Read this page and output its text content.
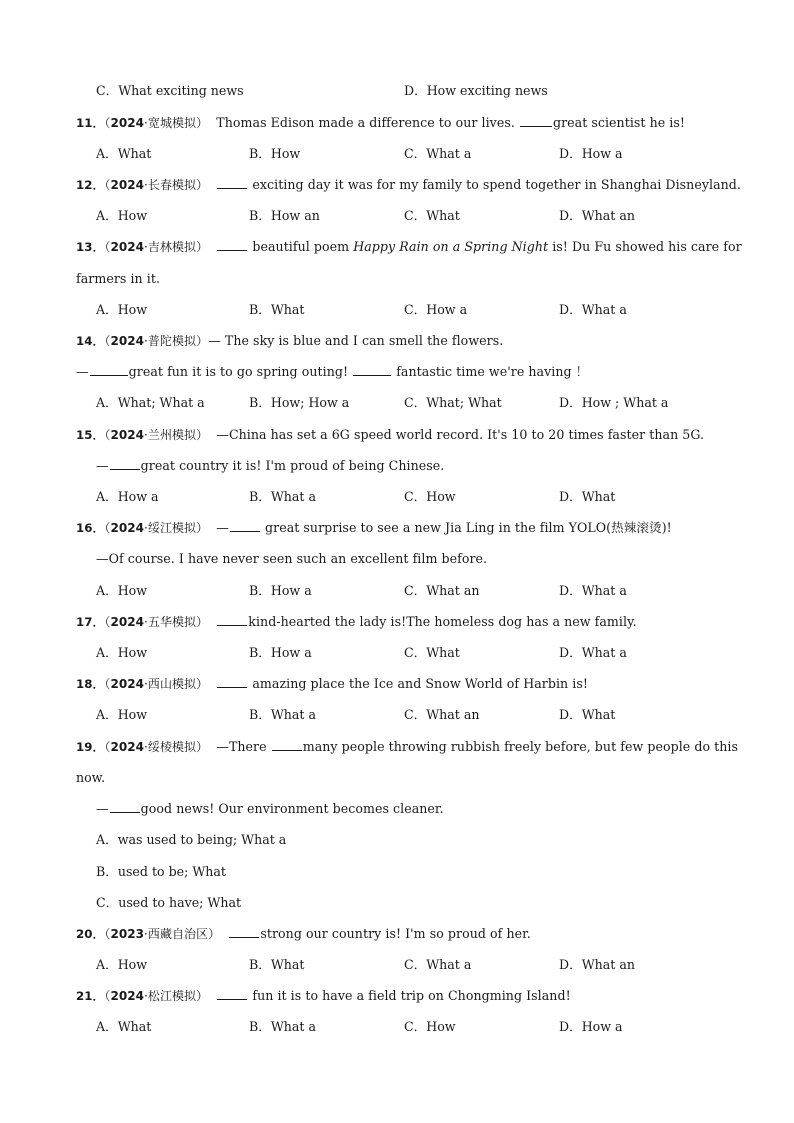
C．What exciting news	D．How exciting news
11．（2024·宽城模拟） Thomas Edison made a difference to our lives.	great scientist he is!
A．What	B．How	C．What a	D．How a
12．（2024·长春模拟）	exciting day it was for my family to spend together in Shanghai Disneyland.
A．How	B．How an	C．What	D．What an
13．（2024·吉林模拟）	beautiful poem Happy Rain on a Spring Night is! Du Fu showed his care for
farmers in it.
A．How	B．What	C．How a	D．What a
14．（2024·普陀模拟）— The sky is blue and I can smell the flowers.
—	great fun it is to go spring outing!	fantastic time we're having ！
A．What; What a	B．How; How a	C．What; What	D．How ; What a
15．（2024·兰州模拟） —China has set a 6G speed world record. It's 10 to 20 times faster than 5G.
—	great country it is! I'm proud of being Chinese.
A．How a	B．What a	C．How	D．What
16．（2024·绥江模拟） —	great surprise to see a new Jia Ling in the film YOLO(热辣滚烫)!
—Of course. I have never seen such an excellent film before.
A．How	B．How a	C．What an	D．What a
17．（2024·五华模拟）	kind-hearted the lady is!The homeless dog has a new family.
A．How	B．How a	C．What	D．What a
18．（2024·西山模拟）	amazing place the Ice and Snow World of Harbin is!
A．How	B．What a	C．What an	D．What
19．（2024·绥棱模拟） —There	many people throwing rubbish freely before, but few people do this
now.
—	good news! Our environment becomes cleaner.
A．was used to being; What a
B．used to be; What
C．used to have; What
20．（2023·西藏自治区）	strong our country is! I'm so proud of her.
A．How	B．What	C．What a	D．What an
21．（2024·松江模拟）	fun it is to have a field trip on Chongming Island!
A．What	B．What a	C．How	D．How a
